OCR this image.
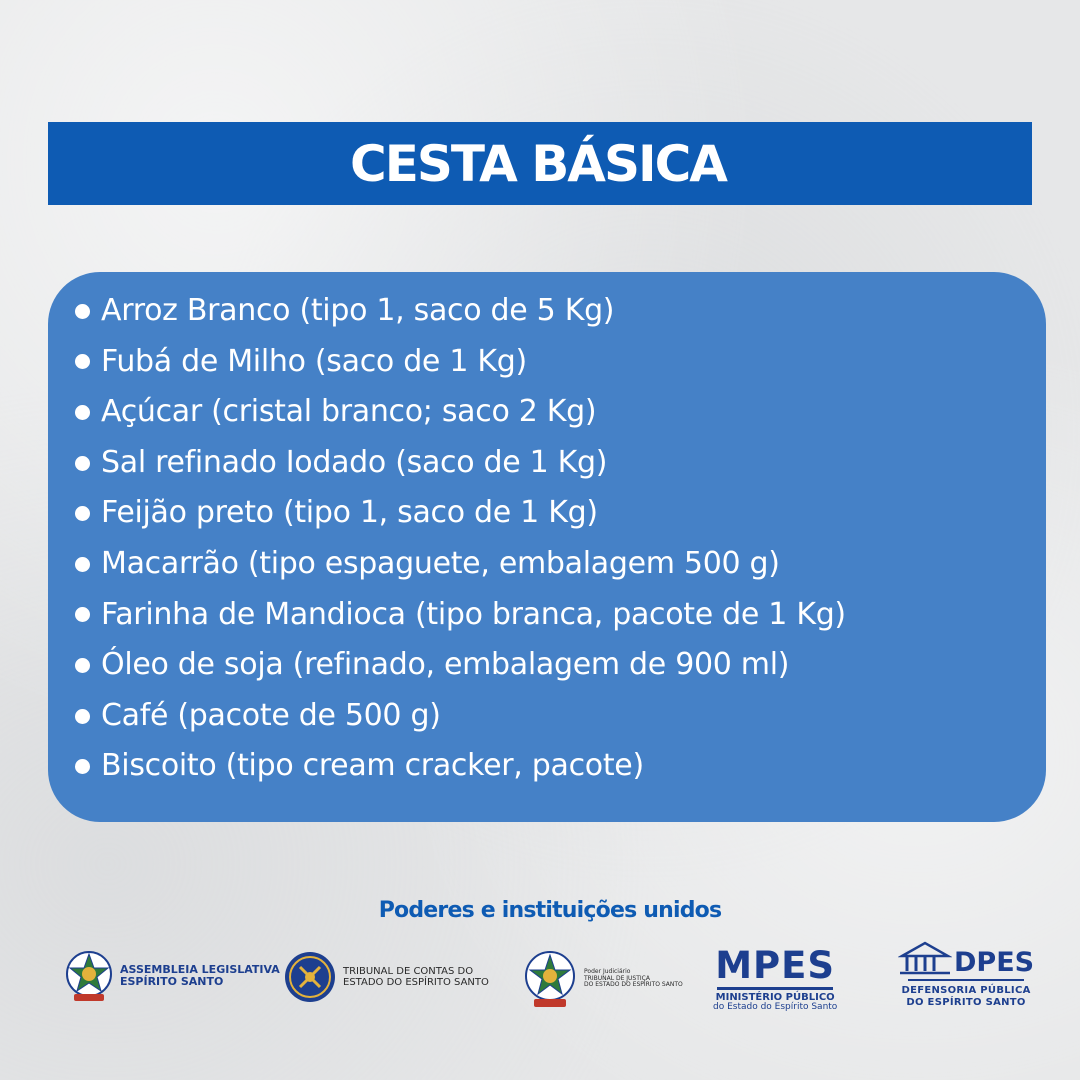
CESTA BÁSICA
Arroz Branco (tipo 1, saco de 5 Kg)
Fubá de Milho (saco de 1 Kg)
Açúcar (cristal branco; saco 2 Kg)
Sal refinado Iodado (saco de 1 Kg)
Feijão preto (tipo 1, saco de 1 Kg)
Macarrão (tipo espaguete, embalagem 500 g)
Farinha de Mandioca (tipo branca, pacote de 1 Kg)
Óleo de soja (refinado, embalagem de 900 ml)
Café (pacote de 500 g)
Biscoito (tipo cream cracker, pacote)
Poderes e instituições unidos
ASSEMBLEIA LEGISLATIVA
ESPÍRITO SANTO
TRIBUNAL DE CONTAS DO
ESTADO DO ESPÍRITO SANTO
Poder Judiciário
TRIBUNAL DE JUSTIÇA
DO ESTADO DO ESPÍRITO SANTO MPES
MINISTÉRIO PÚBLICO
do Estado do Espírito Santo
DPES
DEFENSORIA PÚBLICA
DO ESPÍRITO SANTO
